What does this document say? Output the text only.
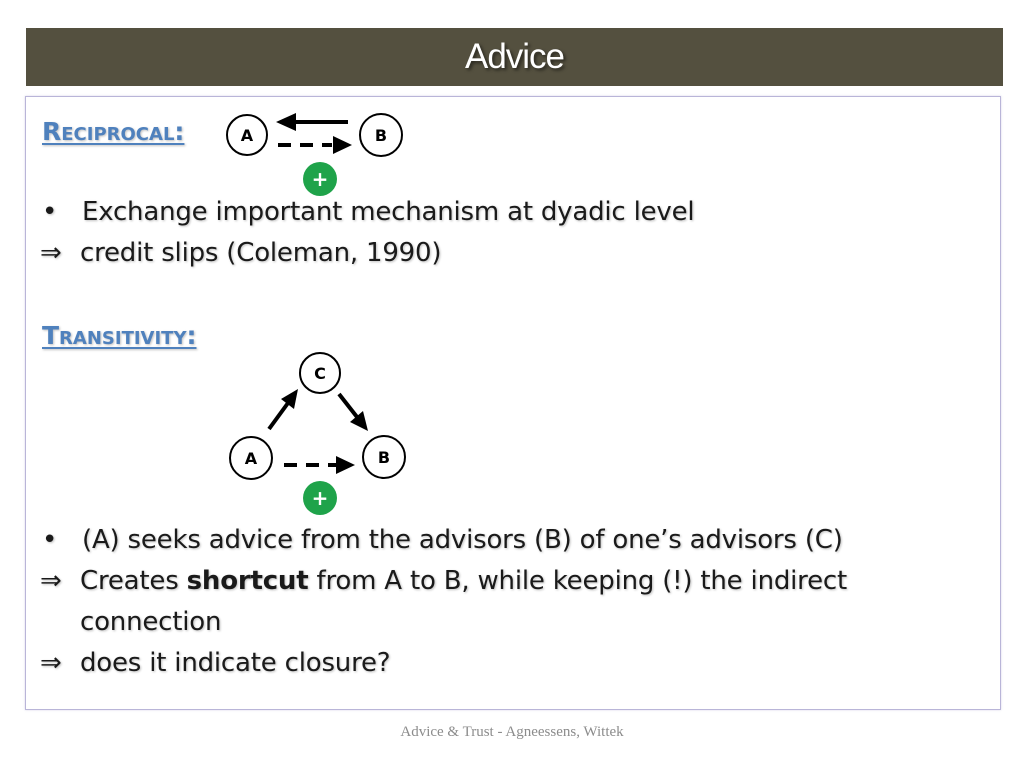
Advice
Reciprocal:	A	B
+
C
A	B
+
• Exchange important mechanism at dyadic level
⇒ credit slips (Coleman, 1990)
Transitivity:
• (A) seeks advice from the advisors (B) of one’s advisors (C)
⇒ Creates shortcut from A to B, while keeping (!) the indirect
connection
⇒ does it indicate closure?
Advice & Trust - Agneessens, Wittek
